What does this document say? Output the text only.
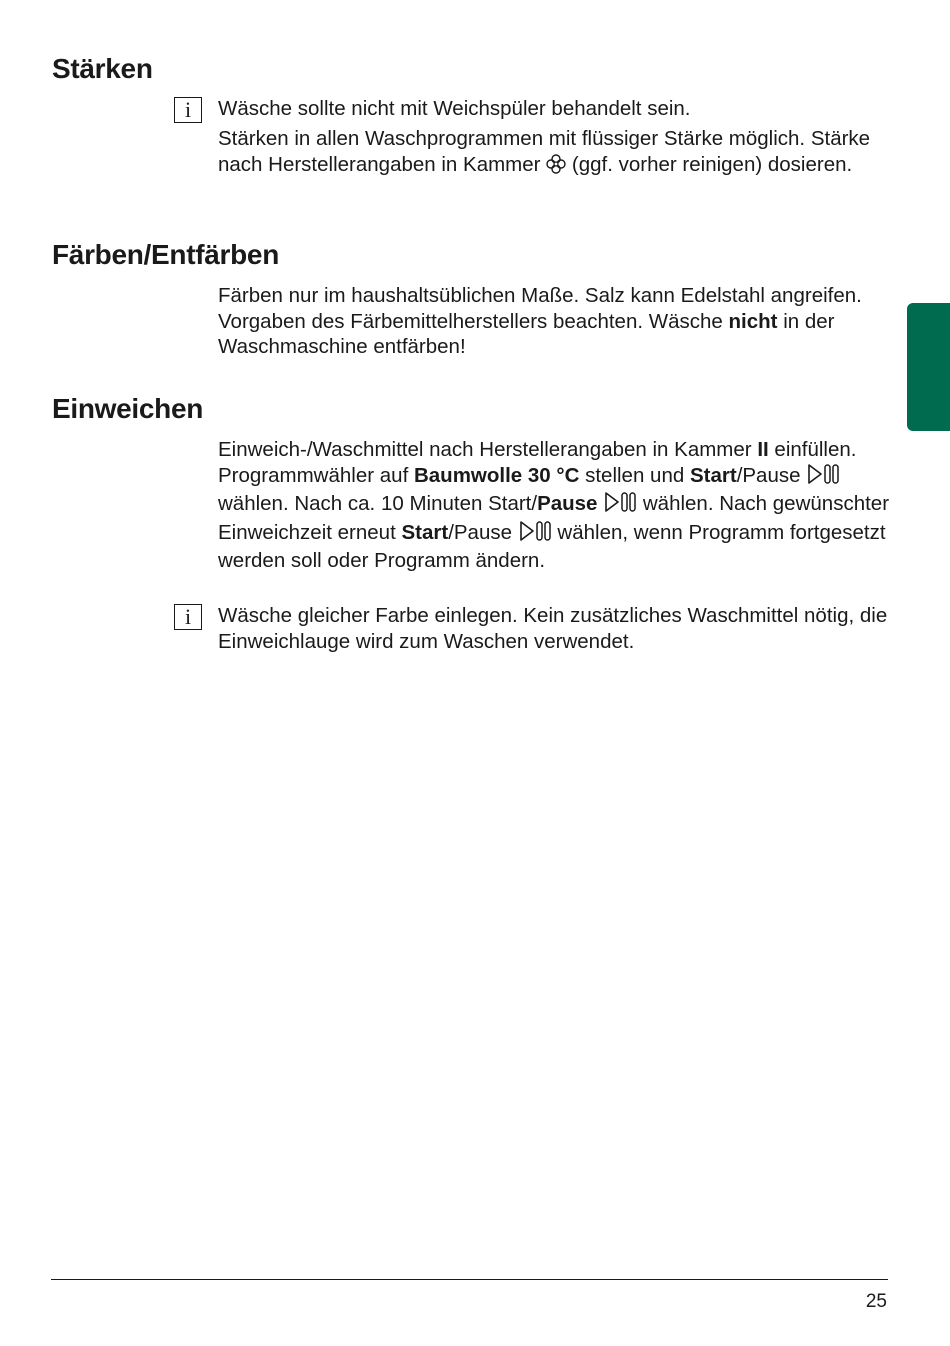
Stärken
i	Wäsche sollte nicht mit Weichspüler behandelt sein.

Stärken in allen Waschprogrammen mit flüssiger Stärke möglich. Stärke nach Herstellerangaben in Kammer (ggf. vorher reinigen) dosieren.

Färben/Entfärben

Färben nur im haushaltsüblichen Maße. Salz kann Edelstahl angreifen. Vorgaben des Färbemittelherstellers beachten. Wäsche nicht in der Waschmaschine entfärben!

Einweichen

Einweich-/Waschmittel nach Herstellerangaben in Kammer II einfüllen. Programmwähler auf Baumwolle 30 °C stellen und Start/Pause  wählen. Nach ca. 10 Minuten Start/Pause wählen. Nach gewünschter Einweichzeit erneut Start/Pause wählen, wenn Programm fortgesetzt werden soll oder Programm ändern.

i	Wäsche gleicher Farbe einlegen. Kein zusätzliches Waschmittel nötig, die Einweichlauge wird zum Waschen verwendet.

25
